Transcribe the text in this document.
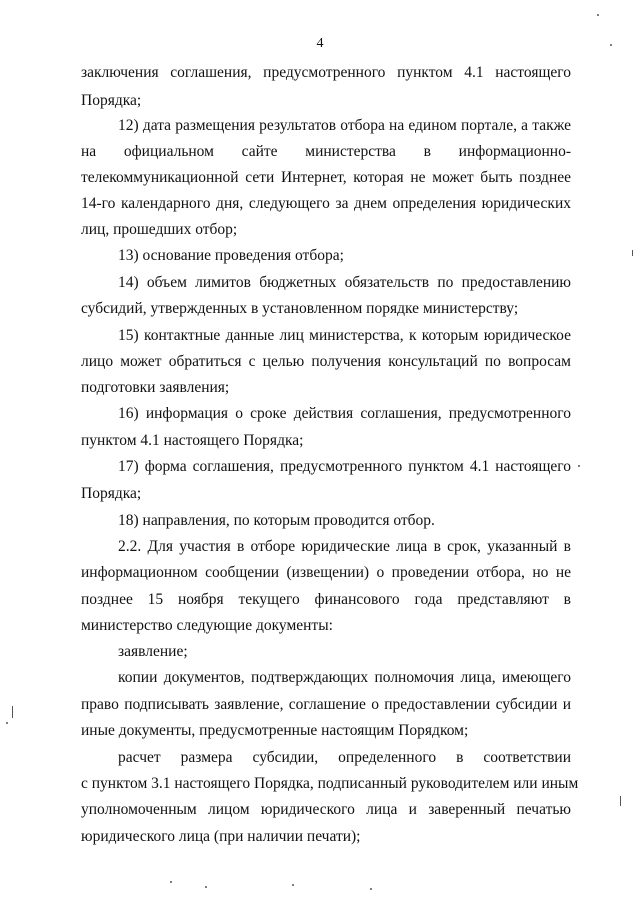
4
заключения соглашения, предусмотренного пунктом 4.1 настоящего
Порядка;
12) дата размещения результатов отбора на едином портале, а также
на официальном сайте министерства в информационно-
телекоммуникационной сети Интернет, которая не может быть позднее
14-го календарного дня, следующего за днем определения юридических
лиц, прошедших отбор;
13) основание проведения отбора;
14) объем лимитов бюджетных обязательств по предоставлению
субсидий, утвержденных в установленном порядке министерству;
15) контактные данные лиц министерства, к которым юридическое
лицо может обратиться с целью получения консультаций по вопросам
подготовки заявления;
16) информация о сроке действия соглашения, предусмотренного
пунктом 4.1 настоящего Порядка;
17) форма соглашения, предусмотренного пунктом 4.1 настоящего
Порядка;
18) направления, по которым проводится отбор.
2.2. Для участия в отборе юридические лица в срок, указанный в
информационном сообщении (извещении) о проведении отбора, но не
позднее 15 ноября текущего финансового года представляют в
министерство следующие документы:
заявление;
копии документов, подтверждающих полномочия лица, имеющего
право подписывать заявление, соглашение о предоставлении субсидии и
иные документы, предусмотренные настоящим Порядком;
расчет размера субсидии, определенного в соответствии
с пунктом 3.1 настоящего Порядка, подписанный руководителем или иным
уполномоченным лицом юридического лица и заверенный печатью
юридического лица (при наличии печати);
